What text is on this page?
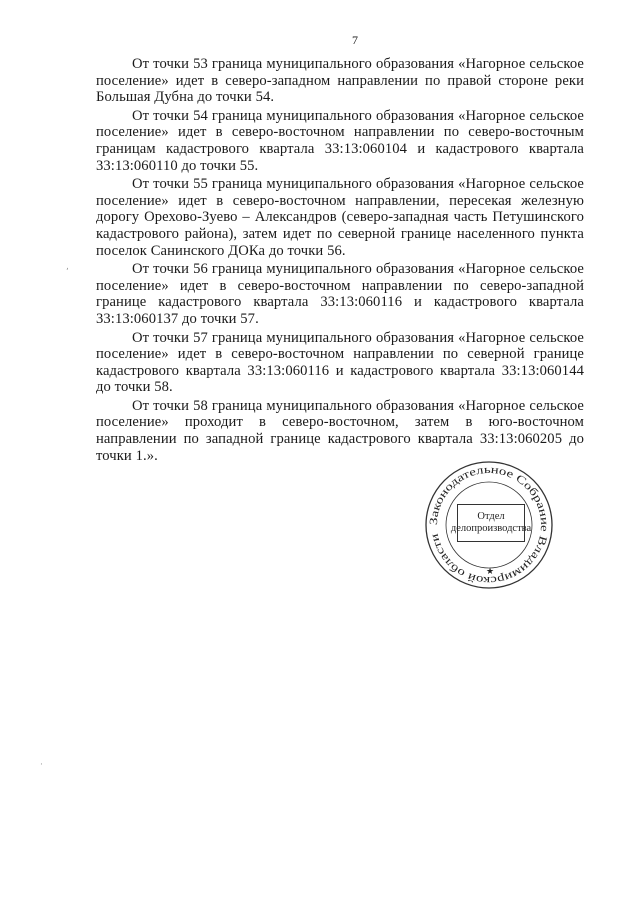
7

От точки 53 граница муниципального образования «Нагорное сельское поселение» идет в северо-западном направлении по правой стороне реки Большая Дубна до точки 54.

От точки 54 граница муниципального образования «Нагорное сельское поселение» идет в северо-восточном направлении по северо-восточным границам кадастрового квартала 33:13:060104 и кадастрового квартала 33:13:060110 до точки 55.

От точки 55 граница муниципального образования «Нагорное сельское поселение» идет в северо-восточном направлении, пересекая железную дорогу Орехово-Зуево – Александров (северо-западная часть Петушинского кадастрового района), затем идет по северной границе населенного пункта поселок Санинского ДОКа до точки 56.

От точки 56 граница муниципального образования «Нагорное сельское поселение» идет в северо-восточном направлении по северо-западной границе кадастрового квартала 33:13:060116 и кадастрового квартала 33:13:060137 до точки 57.

От точки 57 граница муниципального образования «Нагорное сельское поселение» идет в северо-восточном направлении по северной границе кадастрового квартала 33:13:060116 и кадастрового квартала 33:13:060144 до точки 58.

От точки 58 граница муниципального образования «Нагорное сельское поселение» проходит в северо-восточном, затем в юго-восточном направлении по западной границе кадастрового квартала 33:13:060205 до точки 1.».

Законодательное Собрание Владимирской области
★
Отдел
делопроизводства
,
·
